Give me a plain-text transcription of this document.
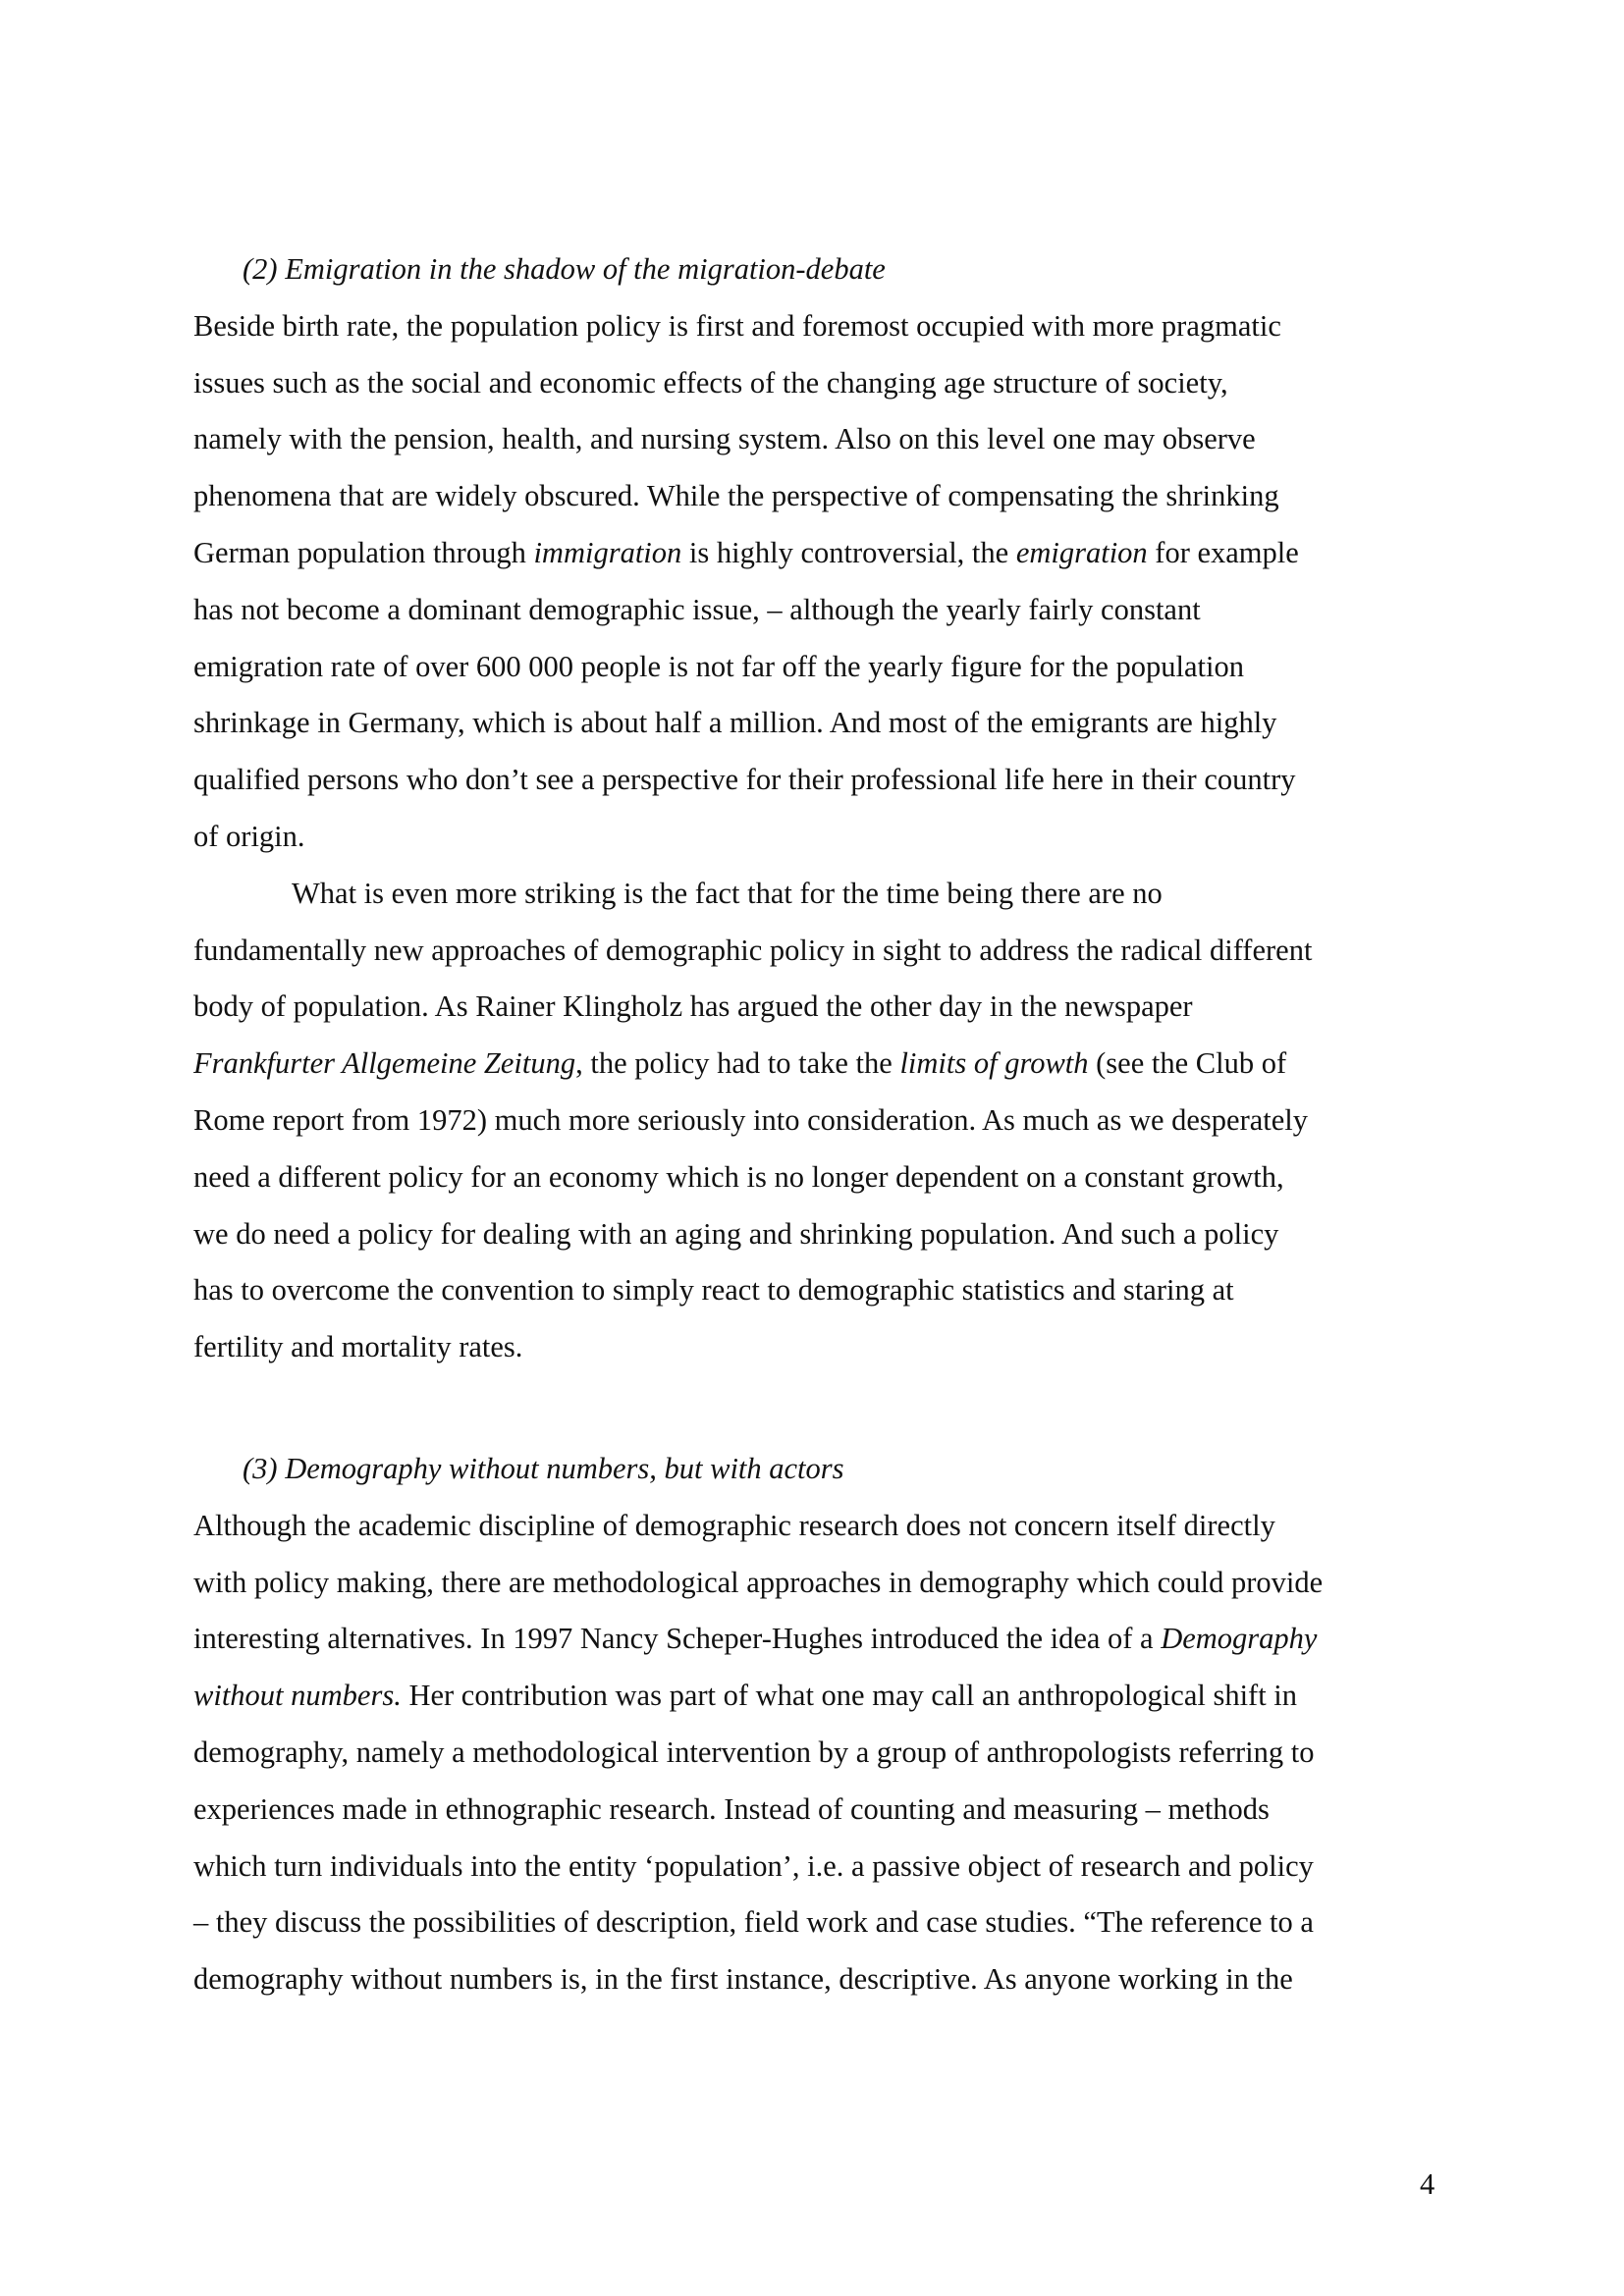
(2) Emigration in the shadow of the migration-debate
Beside birth rate, the population policy is first and foremost occupied with more pragmatic
issues such as the social and economic effects of the changing age structure of society,
namely with the pension, health, and nursing system. Also on this level one may observe
phenomena that are widely obscured. While the perspective of compensating the shrinking
German population through immigration is highly controversial, the emigration for example
has not become a dominant demographic issue, – although the yearly fairly constant
emigration rate of over 600 000 people is not far off the yearly figure for the population
shrinkage in Germany, which is about half a million. And most of the emigrants are highly
qualified persons who don’t see a perspective for their professional life here in their country
of origin.
What is even more striking is the fact that for the time being there are no
fundamentally new approaches of demographic policy in sight to address the radical different
body of population. As Rainer Klingholz has argued the other day in the newspaper
Frankfurter Allgemeine Zeitung, the policy had to take the limits of growth (see the Club of
Rome report from 1972) much more seriously into consideration. As much as we desperately
need a different policy for an economy which is no longer dependent on a constant growth,
we do need a policy for dealing with an aging and shrinking population. And such a policy
has to overcome the convention to simply react to demographic statistics and staring at
fertility and mortality rates.
(3) Demography without numbers, but with actors
Although the academic discipline of demographic research does not concern itself directly
with policy making, there are methodological approaches in demography which could provide
interesting alternatives. In 1997 Nancy Scheper-Hughes introduced the idea of a Demography
without numbers. Her contribution was part of what one may call an anthropological shift in
demography, namely a methodological intervention by a group of anthropologists referring to
experiences made in ethnographic research. Instead of counting and measuring – methods
which turn individuals into the entity ‘population’, i.e. a passive object of research and policy
– they discuss the possibilities of description, field work and case studies. “The reference to a
demography without numbers is, in the first instance, descriptive. As anyone working in the
4
